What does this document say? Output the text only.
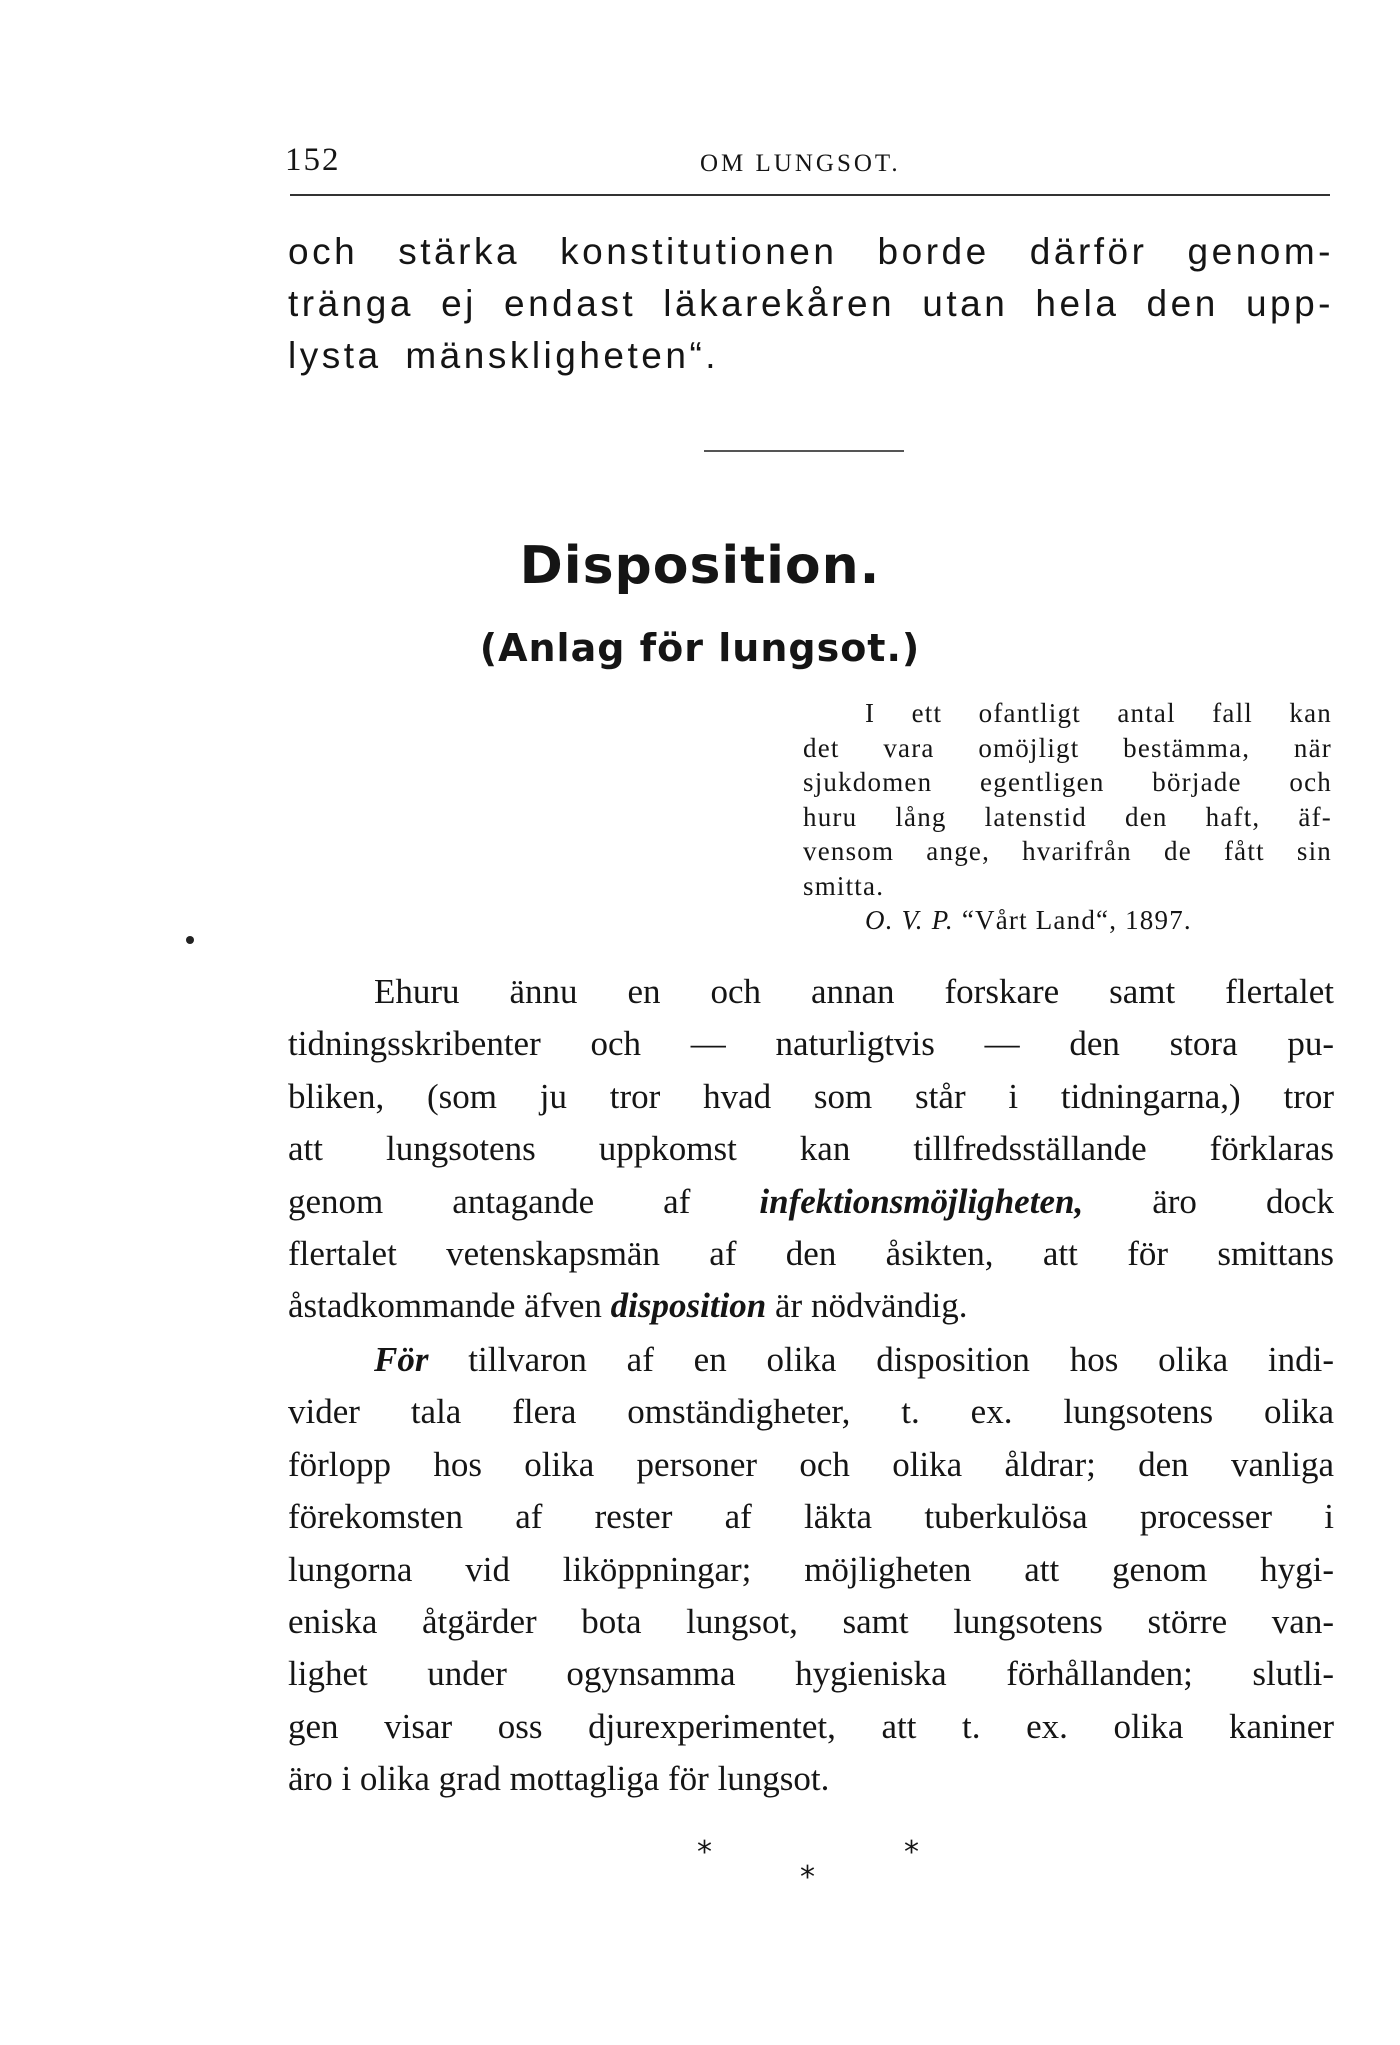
152	OM LUNGSOT.

och stärka konstitutionen borde därför genom-
tränga ej endast läkarekåren utan hela den upp-
lysta mänskligheten“.

Disposition.
(Anlag för lungsot.)
I ett ofantligt antal fall kan
det vara omöjligt bestämma, när
sjukdomen egentligen började och
huru lång latenstid den haft, äf-
vensom ange, hvarifrån de fått sin
smitta.
O. V. P. “Vårt Land“, 1897.
Ehuru ännu en och annan forskare samt flertalet
tidningsskribenter och — naturligtvis — den stora pu-
bliken, (som ju tror hvad som står i tidningarna,) tror
att lungsotens uppkomst kan tillfredsställande förklaras
genom antagande af infektionsmöjligheten, äro dock
flertalet vetenskapsmän af den åsikten, att för smittans
åstadkommande äfven disposition är nödvändig.
För tillvaron af en olika disposition hos olika indi-
vider tala flera omständigheter, t. ex. lungsotens olika
förlopp hos olika personer och olika åldrar; den vanliga
förekomsten af rester af läkta tuberkulösa processer i
lungorna vid liköppningar; möjligheten att genom hygi-
eniska åtgärder bota lungsot, samt lungsotens större van-
lighet under ogynsamma hygieniska förhållanden; slutli-
gen visar oss djurexperimentet, att t. ex. olika kaniner
äro i olika grad mottagliga för lungsot.
*	*
*
